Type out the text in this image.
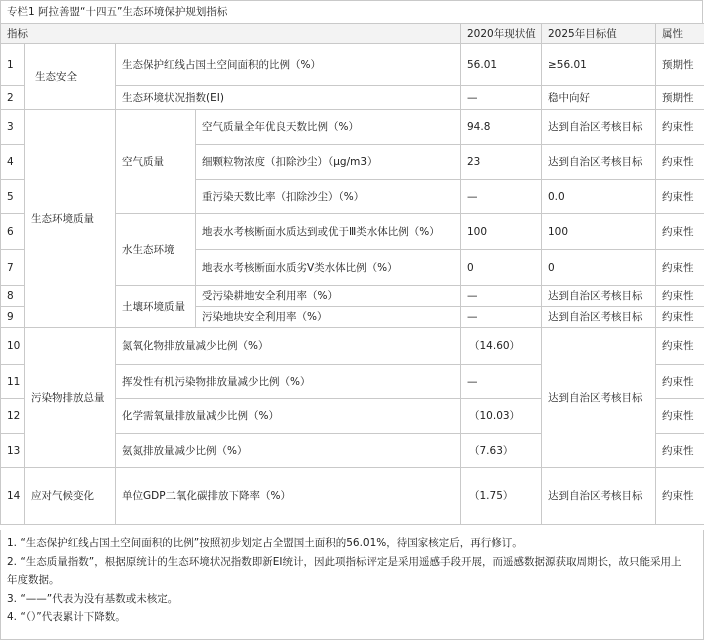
专栏1 阿拉善盟“十四五”生态环境保护规划指标
指标				2020年现状值	2025年目标值	属性
1	生态安全	生态保护红线占国土空间面积的比例（%）		56.01	≥56.01	预期性
2		生态环境状况指数(EI)		—	稳中向好	预期性
3	生态环境质量	空气质量	空气质量全年优良天数比例（%）	94.8	达到自治区考核目标	约束性
4			细颗粒物浓度（扣除沙尘）（μg/m3）	23	达到自治区考核目标	约束性
5			重污染天数比率（扣除沙尘）（%）	—	0.0	约束性
6		水生态环境	地表水考核断面水质达到或优于Ⅲ类水体比例（%）	100	100	约束性
7			地表水考核断面水质劣Ⅴ类水体比例（%）	0	0	约束性
8		土壤环境质量	受污染耕地安全利用率（%）	—	达到自治区考核目标	约束性
9			污染地块安全利用率（%）	—	达到自治区考核目标	约束性
10	污染物排放总量	氮氧化物排放量减少比例（%）		（14.60）	达到自治区考核目标	约束性
11		挥发性有机污染物排放量减少比例（%）		—		约束性
12		化学需氧量排放量减少比例（%）		（10.03）		约束性
13		氨氮排放量减少比例（%）		（7.63）		约束性
14	应对气候变化	单位GDP二氧化碳排放下降率（%）		（1.75）	达到自治区考核目标	约束性
1. “生态保护红线占国土空间面积的比例”按照初步划定占全盟国土面积的56.01%，待国家核定后，再行修订。
2. “生态质量指数”，根据原统计的生态环境状况指数即新EI统计，因此项指标评定是采用遥感手段开展，而遥感数据源获取周期长，故只能采用上
年度数据。
3. “——”代表为没有基数或未核定。
4. “（）”代表累计下降数。
